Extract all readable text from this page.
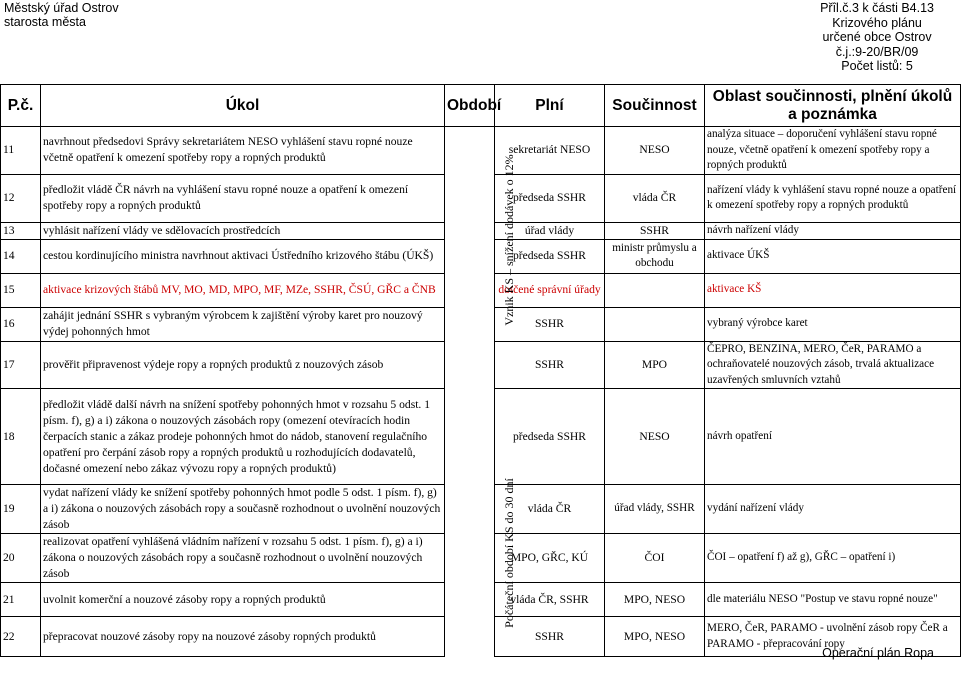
Městský úřad Ostrov
starosta města
Přîl.č.3 k části B4.13
Krizového plánu
určené obce Ostrov
č.j.:9-20/BR/09
Počet listů: 5
P.č.	Úkol	Období	Plní	Součinnost	Oblast součinnosti, plnění úkolů a poznámka
11	navrhnout předsedovi Správy sekretariátem NESO vyhlášení stavu ropné nouze včetně opatření k omezení spotřeby ropy a ropných produktů		sekretariát NESO	NESO	analýza situace – doporučení vyhlášení stavu ropné nouze, včetně opatření k omezení spotřeby ropy a ropných produktů
12	předložit vládě ČR návrh na vyhlášení stavu ropné nouze a opatření k omezení spotřeby ropy a ropných produktů		předseda SSHR	vláda ČR	nařízení vlády k vyhlášení stavu ropné nouze a opatření k omezení spotřeby ropy a ropných produktů
13	vyhlásit nařízení vlády ve sdělovacích prostředcích		úřad vlády	SSHR	návrh nařízení vlády
14	cestou kordinujícího ministra navrhnout aktivaci Ústředního krizového štábu (ÚKŠ)		předseda SSHR	ministr průmyslu a obchodu	aktivace ÚKŠ
15	aktivace krizových štábů MV, MO, MD, MPO, MF, MZe, SSHR, ČSÚ, GŘC a ČNB		dotčené správní úřady		aktivace KŠ
16	zahájit jednání SSHR s vybraným výrobcem k zajištění výroby karet pro nouzový výdej pohonných hmot		SSHR		vybraný výrobce karet
17	prověřit připravenost výdeje ropy a ropných produktů z nouzových zásob		SSHR	MPO	ČEPRO, BENZINA, MERO, ČeR, PARAMO a ochraňovatelé nouzových zásob, trvalá aktualizace uzavřených smluvních vztahů
18	předložit vládě další návrh na snížení spotřeby pohonných hmot v rozsahu 5 odst. 1 písm. f), g) a i) zákona o nouzových zásobách ropy (omezení otevíracích hodin čerpacích stanic a zákaz prodeje pohonných hmot do nádob, stanovení regulačního opatření pro čerpání zásob ropy a ropných produktů u rozhodujících dodavatelů, dočasné omezení nebo zákaz vývozu ropy a ropných produktů)		předseda SSHR	NESO	návrh opatření
19	vydat nařízení vlády ke snížení spotřeby pohonných hmot podle 5 odst. 1 písm. f), g) a i) zákona o nouzových zásobách ropy a současně rozhodnout o uvolnění nouzových zásob		vláda ČR	úřad vlády, SSHR	vydání nařízení vlády
20	realizovat opatření vyhlášená vládním nařízení v rozsahu 5 odst. 1 písm. f), g) a i) zákona o nouzových zásobách ropy a současně rozhodnout o uvolnění nouzových zásob		MPO, GŘC, KÚ	ČOI	ČOI – opatření f) až g), GŘC – opatření i)
21	uvolnit komerční a nouzové zásoby ropy a ropných produktů		vláda ČR, SSHR	MPO, NESO	dle materiálu NESO "Postup ve stavu ropné nouze"
22	přepracovat nouzové zásoby ropy na nouzové zásoby ropných produktů		SSHR	MPO, NESO	MERO, ČeR, PARAMO - uvolnění zásob ropy ČeR a PARAMO - přepracování ropy
Vznik KS – snížení dodávek o 12%
Počáteční období KS do 30 dní
Operační plán Ropa
